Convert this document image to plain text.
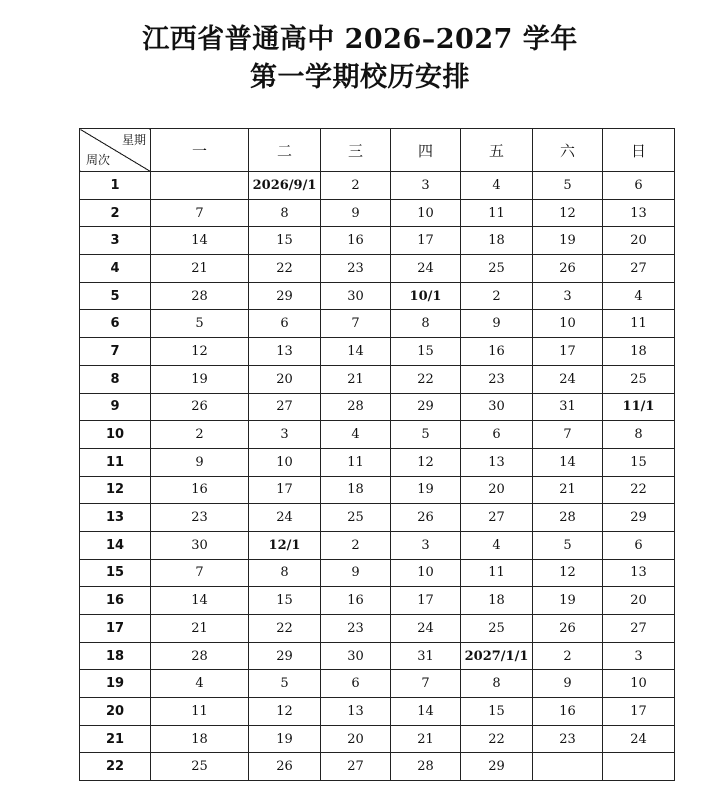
江西省普通高中 2026–2027 学年
第一学期校历安排
星期
周次	一	二	三	四	五	六	日
1		2026/9/1	2	3	4	5	6
2	7	8	9	10	11	12	13
3	14	15	16	17	18	19	20
4	21	22	23	24	25	26	27
5	28	29	30	10/1	2	3	4
6	5	6	7	8	9	10	11
7	12	13	14	15	16	17	18
8	19	20	21	22	23	24	25
9	26	27	28	29	30	31	11/1
10	2	3	4	5	6	7	8
11	9	10	11	12	13	14	15
12	16	17	18	19	20	21	22
13	23	24	25	26	27	28	29
14	30	12/1	2	3	4	5	6
15	7	8	9	10	11	12	13
16	14	15	16	17	18	19	20
17	21	22	23	24	25	26	27
18	28	29	30	31	2027/1/1	2	3
19	4	5	6	7	8	9	10
20	11	12	13	14	15	16	17
21	18	19	20	21	22	23	24
22	25	26	27	28	29		
